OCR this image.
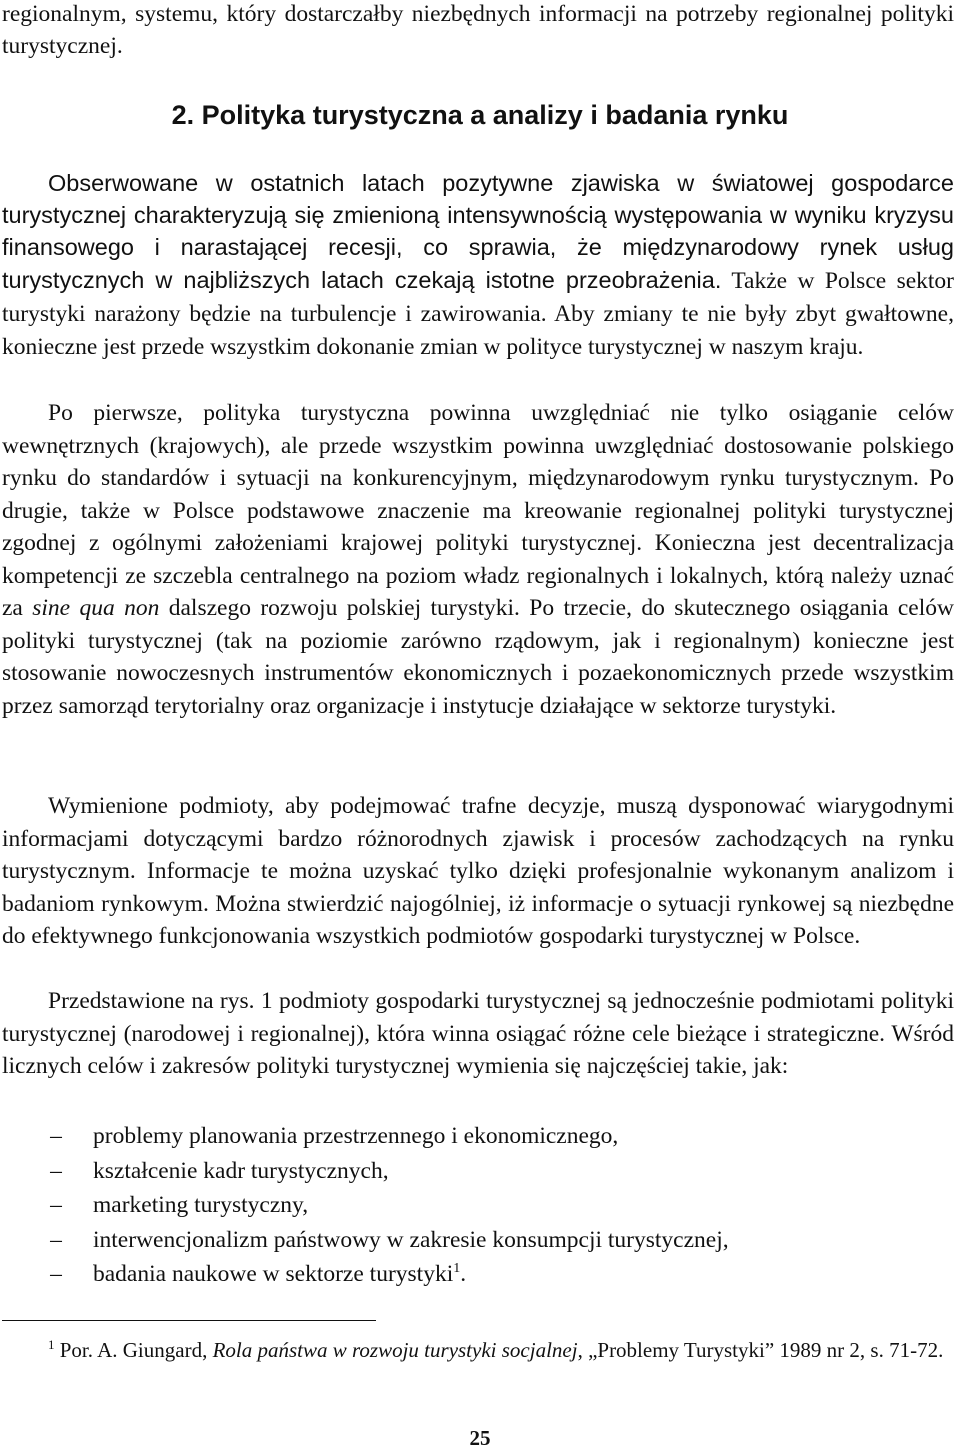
regionalnym, systemu, który dostarczałby niezbędnych informacji na potrzeby regionalnej polityki turystycznej.

2. Polityka turystyczna a analizy i badania rynku

Obserwowane w ostatnich latach pozytywne zjawiska w światowej gospodarce turystycznej charakteryzują się zmienioną intensywnością występowania w wyniku kryzysu finansowego i narastającej recesji, co sprawia, że międzynarodowy rynek usług turystycznych w najbliższych latach czekają istotne przeobrażenia. Także w Polsce sektor turystyki narażony będzie na turbulencje i zawirowania. Aby zmiany te nie były zbyt gwałtowne, konieczne jest przede wszystkim dokonanie zmian w polityce turystycznej w naszym kraju.

Po pierwsze, polityka turystyczna powinna uwzględniać nie tylko osiąganie celów wewnętrznych (krajowych), ale przede wszystkim powinna uwzględniać dostosowanie polskiego rynku do standardów i sytuacji na konkurencyjnym, międzynarodowym rynku turystycznym. Po drugie, także w Polsce podstawowe znaczenie ma kreowanie regionalnej polityki turystycznej zgodnej z ogólnymi założeniami krajowej polityki turystycznej. Konieczna jest decentralizacja kompetencji ze szczebla centralnego na poziom władz regionalnych i lokalnych, którą należy uznać za sine qua non dalszego rozwoju polskiej turystyki. Po trzecie, do skutecznego osiągania celów polityki turystycznej (tak na poziomie zarówno rządowym, jak i regionalnym) konieczne jest stosowanie nowoczesnych instrumentów ekonomicznych i pozaekonomicznych przede wszystkim przez samorząd terytorialny oraz organizacje i instytucje działające w sektorze turystyki.

Wymienione podmioty, aby podejmować trafne decyzje, muszą dysponować wiarygodnymi informacjami dotyczącymi bardzo różnorodnych zjawisk i procesów zachodzących na rynku turystycznym. Informacje te można uzyskać tylko dzięki profesjonalnie wykonanym analizom i badaniom rynkowym. Można stwierdzić najogólniej, iż informacje o sytuacji rynkowej są niezbędne do efektywnego funkcjonowania wszystkich podmiotów gospodarki turystycznej w Polsce.

Przedstawione na rys. 1 podmioty gospodarki turystycznej są jednocześnie podmiotami polityki turystycznej (narodowej i regionalnej), która winna osiągać różne cele bieżące i strategiczne. Wśród licznych celów i zakresów polityki turystycznej wymienia się najczęściej takie, jak:

– problemy planowania przestrzennego i ekonomicznego,
– kształcenie kadr turystycznych,
– marketing turystyczny,
– interwencjonalizm państwowy w zakresie konsumpcji turystycznej,
– badania naukowe w sektorze turystyki$^1$.

$^1$ Por. A. Giungard, Rola państwa w rozwoju turystyki socjalnej, „Problemy Turystyki” 1989 nr 2, s. 71-72.

25
